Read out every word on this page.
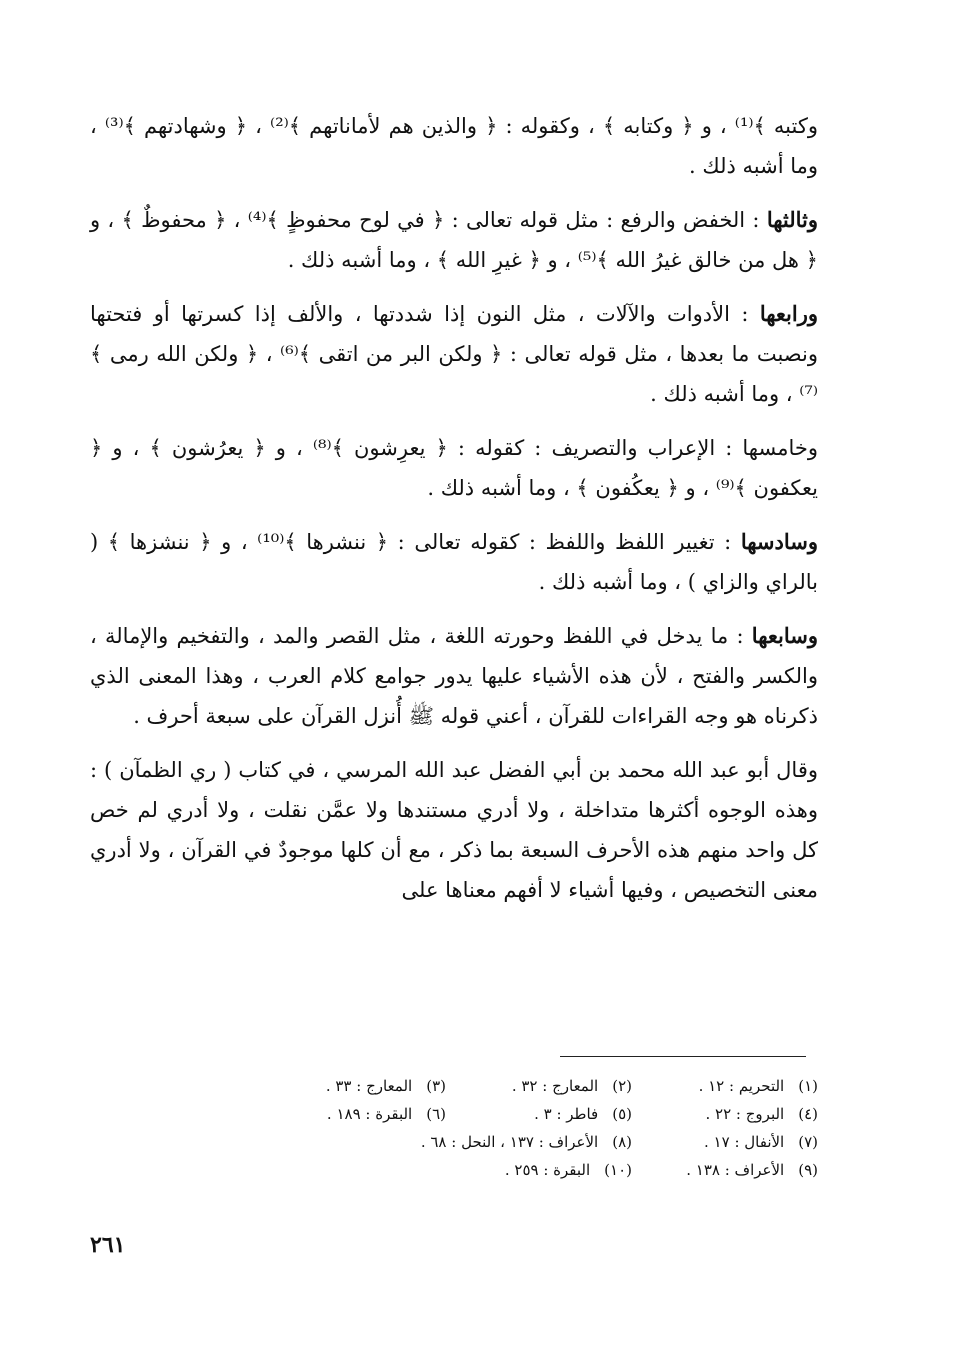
وكتبه ﴾⁽¹⁾ ، و ﴿ وكتابه ﴾ ، وكقوله : ﴿ والذين هم لأماناتهم ﴾⁽²⁾ ، ﴿ وشهادتهم ﴾⁽³⁾ ، وما أشبه ذلك .

وثالثها : الخفض والرفع : مثل قوله تعالى : ﴿ في لوح محفوظٍ ﴾⁽⁴⁾ ، ﴿ محفوظٌ ﴾ ، و ﴿ هل من خالق غيرُ الله ﴾⁽⁵⁾ ، و ﴿ غيرِ الله ﴾ ، وما أشبه ذلك .

ورابعها : الأدوات والآلات ، مثل النون إذا شددتها ، والألف إذا كسرتها أو فتحتها ونصبت ما بعدها ، مثل قوله تعالى : ﴿ ولكن البر من اتقى ﴾⁽⁶⁾ ، ﴿ ولكن الله رمى ﴾⁽⁷⁾ ، وما أشبه ذلك .

وخامسها : الإعراب والتصريف : كقوله : ﴿ يعرِشون ﴾⁽⁸⁾ ، و ﴿ يعرُشون ﴾ ، و ﴿ يعكفون ﴾⁽⁹⁾ ، و ﴿ يعكُفون ﴾ ، وما أشبه ذلك .

وسادسها : تغيير اللفظ واللفظ : كقوله تعالى : ﴿ ننشرها ﴾⁽¹⁰⁾ ، و ﴿ ننشزها ﴾ ( بالراي والزاي ) ، وما أشبه ذلك .

وسابعها : ما يدخل في اللفظ وحورته اللغة ، مثل القصر والمد ، والتفخيم والإمالة ، والكسر والفتح ، لأن هذه الأشياء عليها يدور جوامع كلام العرب ، وهذا المعنى الذي ذكرناه هو وجه القراءات للقرآن ، أعني قوله ﷺ أُنزل القرآن على سبعة أحرف .

وقال أبو عبد الله محمد بن أبي الفضل عبد الله المرسي ، في كتاب ( ري الظمآن ) : وهذه الوجوه أكثرها متداخلة ، ولا أدري مستندها ولا عمَّن نقلت ، ولا أدري لم خص كل واحد منهم هذه الأحرف السبعة بما ذكر ، مع أن كلها موجودٌ في القرآن ، ولا أدري معنى التخصيص ، وفيها أشياء لا أفهم معناها على

(١)التحريم : ١٢ .
(٢)المعارج : ٣٢ .
(٣)المعارج : ٣٣ .
(٤)البروج : ٢٢ .
(٥)فاطر : ٣ .
(٦)البقرة : ١٨٩ .
(٧)الأنفال : ١٧ .
(٨)الأعراف : ١٣٧ ، النحل : ٦٨ .
(٩)الأعراف : ١٣٨ .
(١٠)البقرة : ٢٥٩ .
٢٦١
